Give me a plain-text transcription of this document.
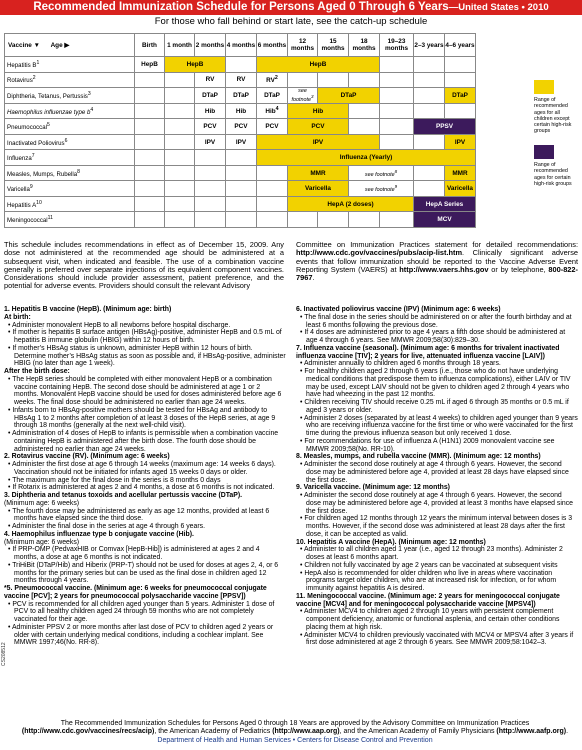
Recommended Immunization Schedule for Persons Aged 0 Through 6 Years—United States • 2010
For those who fall behind or start late, see the catch-up schedule
Vaccine ▼ Age ▶	Birth	1 month	2 months	4 months	6 months	12 months	15 months	18 months	19–23 months	2–3 years	4–6 years
Hepatitis $B^1$	HepB	HepB			HepB						
Rotavirus$^2$			RV	RV	$RV^2$						
Diphtheria, Tetanus, Pertussis$^3$			DTaP	DTaP	DTaP	see footnote$^3$	DTaP				DTaP
Haemophilus influenzae type $b^4$			Hib	Hib	Hib$^4$	Hib					
Pneumococcal$^5$			PCV	PCV	PCV	PCV				PPSV	
Inactivated Poliovirus$^6$			IPV	IPV	IPV						IPV
Influenza$^7$					Influenza (Yearly)						
Measles, Mumps, Rubella$^8$						MMR		see footnote$^8$			MMR
Varicella$^9$						Varicella		see footnote$^9$			Varicella
Hepatitis $A^{10}$						HepA (2 doses)				HepA Series	
Meningococcal$^{11}$										MCV	
Range of recommended ages for all children except certain high-risk groups
Range of recommended ages for certain high-risk groups
This schedule includes recommendations in effect as of December 15, 2009. Any dose not administered at the recommended age should be administered at a subsequent visit, when indicated and feasible. The use of a combination vaccine generally is preferred over separate injections of its equivalent component vaccines. Considerations should include provider assessment, patient preference, and the potential for adverse events. Providers should consult the relevant Advisory
Committee on Immunization Practices statement for detailed recommendations: http://www.cdc.gov/vaccines/pubs/acip-list.htm. Clinically significant adverse events that follow immunization should be reported to the Vaccine Adverse Event Reporting System (VAERS) at http://www.vaers.hhs.gov or by telephone, 800-822-7967.

1. Hepatitis B vaccine (HepB). (Minimum age: birth)

At birth:

• Administer monovalent HepB to all newborns before hospital discharge.

• If mother is hepatitis B surface antigen (HBsAg)-positive, administer HepB and 0.5 mL of hepatitis B immune globulin (HBIG) within 12 hours of birth.

• If mother’s HBsAg status is unknown, administer HepB within 12 hours of birth. Determine mother’s HBsAg status as soon as possible and, if HBsAg-positive, administer HBIG (no later than age 1 week).

After the birth dose:

• The HepB series should be completed with either monovalent HepB or a combination vaccine containing HepB. The second dose should be administered at age 1 or 2 months. Monovalent HepB vaccine should be used for doses administered before age 6 weeks. The final dose should be administered no earlier than age 24 weeks.

• Infants born to HBsAg-positive mothers should be tested for HBsAg and antibody to HBsAg 1 to 2 months after completion of at least 3 doses of the HepB series, at age 9 through 18 months (generally at the next well-child visit).

• Administration of 4 doses of HepB to infants is permissible when a combination vaccine containing HepB is administered after the birth dose. The fourth dose should be administered no earlier than age 24 weeks.

2. Rotavirus vaccine (RV). (Minimum age: 6 weeks)

• Administer the first dose at age 6 through 14 weeks (maximum age: 14 weeks 6 days). Vaccination should not be initiated for infants aged 15 weeks 0 days or older.

• The maximum age for the final dose in the series is 8 months 0 days

• If Rotarix is administered at ages 2 and 4 months, a dose at 6 months is not indicated.

3. Diphtheria and tetanus toxoids and acellular pertussis vaccine (DTaP).

(Minimum age: 6 weeks)

• The fourth dose may be administered as early as age 12 months, provided at least 6 months have elapsed since the third dose.

• Administer the final dose in the series at age 4 through 6 years.

4. Haemophilus influenzae type b conjugate vaccine (Hib).

(Minimum age: 6 weeks)

• If PRP-OMP (PedvaxHIB or Comvax [HepB-Hib]) is administered at ages 2 and 4 months, a dose at age 6 months is not indicated.

• TriHiBit (DTaP/Hib) and Hiberix (PRP-T) should not be used for doses at ages 2, 4, or 6 months for the primary series but can be used as the final dose in children aged 12 months through 4 years.

*5. Pneumococcal vaccine. (Minimum age: 6 weeks for pneumococcal conjugate vaccine [PCV]; 2 years for pneumococcal polysaccharide vaccine [PPSV])

• PCV is recommended for all children aged younger than 5 years. Administer 1 dose of PCV to all healthy children aged 24 through 59 months who are not completely vaccinated for their age.

• Administer PPSV 2 or more months after last dose of PCV to children aged 2 years or older with certain underlying medical conditions, including a cochlear implant. See MMWR 1997;46(No. RR-8).

6. Inactivated poliovirus vaccine (IPV) (Minimum age: 6 weeks)

• The final dose in the series should be administered on or after the fourth birthday and at least 6 months following the previous dose.

• If 4 doses are administered prior to age 4 years a fifth dose should be administered at age 4 through 6 years. See MMWR 2009;58(30):829–30.

7. Influenza vaccine (seasonal). (Minimum age: 6 months for trivalent inactivated influenza vaccine [TIV]; 2 years for live, attenuated influenza vaccine [LAIV])

• Administer annually to children aged 6 months through 18 years.

• For healthy children aged 2 through 6 years (i.e., those who do not have underlying medical conditions that predispose them to influenza complications), either LAIV or TIV may be used, except LAIV should not be given to children aged 2 through 4 years who have had wheezing in the past 12 months.

• Children receiving TIV should receive 0.25 mL if aged 6 through 35 months or 0.5 mL if aged 3 years or older.

• Administer 2 doses (separated by at least 4 weeks) to children aged younger than 9 years who are receiving influenza vaccine for the first time or who were vaccinated for the first time during the previous influenza season but only received 1 dose.

• For recommendations for use of influenza A (H1N1) 2009 monovalent vaccine see MMWR 2009;58(No. RR-10).

8. Measles, mumps, and rubella vaccine (MMR). (Minimum age: 12 months)

• Administer the second dose routinely at age 4 through 6 years. However, the second dose may be administered before age 4, provided at least 28 days have elapsed since the first dose.

9. Varicella vaccine. (Minimum age: 12 months)

• Administer the second dose routinely at age 4 through 6 years. However, the second dose may be administered before age 4, provided at least 3 months have elapsed since the first dose.

• For children aged 12 months through 12 years the minimum interval between doses is 3 months. However, if the second dose was administered at least 28 days after the first dose, it can be accepted as valid.

10. Hepatitis A vaccine (HepA). (Minimum age: 12 months)

• Administer to all children aged 1 year (i.e., aged 12 through 23 months). Administer 2 doses at least 6 months apart.

• Children not fully vaccinated by age 2 years can be vaccinated at subsequent visits

• HepA also is recommended for older children who live in areas where vaccination programs target older children, who are at increased risk for infection, or for whom immunity against hepatitis A is desired.

11. Meningococcal vaccine. (Minimum age: 2 years for meningococcal conjugate vaccine [MCV4] and for meningococcal polysaccharide vaccine [MPSV4])

• Administer MCV4 to children aged 2 through 10 years with persistent complement component deficiency, anatomic or functional asplenia, and certain other conditions placing them at high risk.

• Administer MCV4 to children previously vaccinated with MCV4 or MPSV4 after 3 years if first dose administered at age 2 through 6 years. See MMWR 2009;58:1042–3.

The Recommended Immunization Schedules for Persons Aged 0 through 18 Years are approved by the Advisory Committee on Immunization Practices
(http://www.cdc.gov/vaccines/recs/acip), the American Academy of Pediatrics (http://www.aap.org), and the American Academy of Family Physicians (http://www.aafp.org).
Department of Health and Human Services • Centers for Disease Control and Prevention
CS208512
